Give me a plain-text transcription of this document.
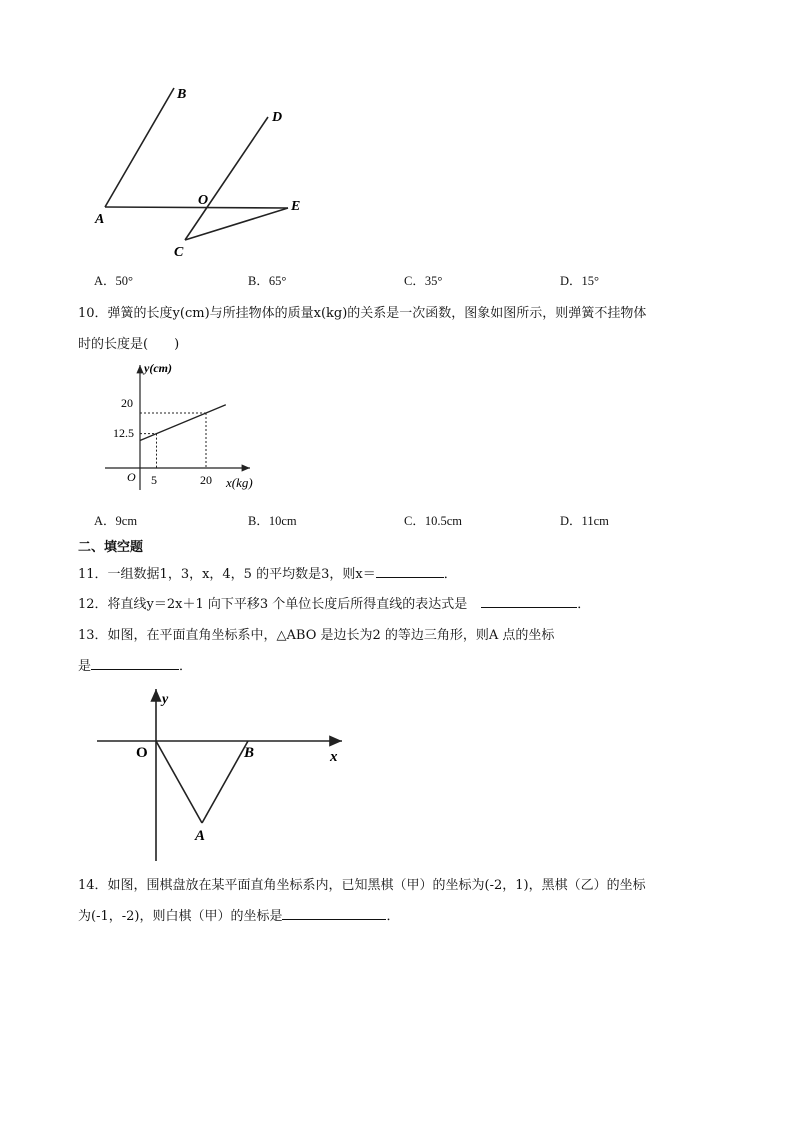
B
D
O	E
A
C
A．50°	B．65°	C．35°	D．15°
10．弹簧的长度y(cm)与所挂物体的质量x(kg)的关系是一次函数，图象如图所示，则弹簧不挂物体
时的长度是(　　)
y(cm)
x(kg)
O
20
12.5
5	20
A．9cm	B．10cm	C．10.5cm	D．11cm
二、填空题
11．一组数据1，3，x，4，5 的平均数是3，则x＝	．
12．将直线y＝2x＋1 向下平移3 个单位长度后所得直线的表达式是	．
13．如图，在平面直角坐标系中，△ABO 是边长为2 的等边三角形，则A 点的坐标
是	．
y
O	B	x
A
14．如图，围棋盘放在某平面直角坐标系内，已知黑棋（甲）的坐标为(-2，1)，黑棋（乙）的坐标
为(-1，-2)，则白棋（甲）的坐标是	．
